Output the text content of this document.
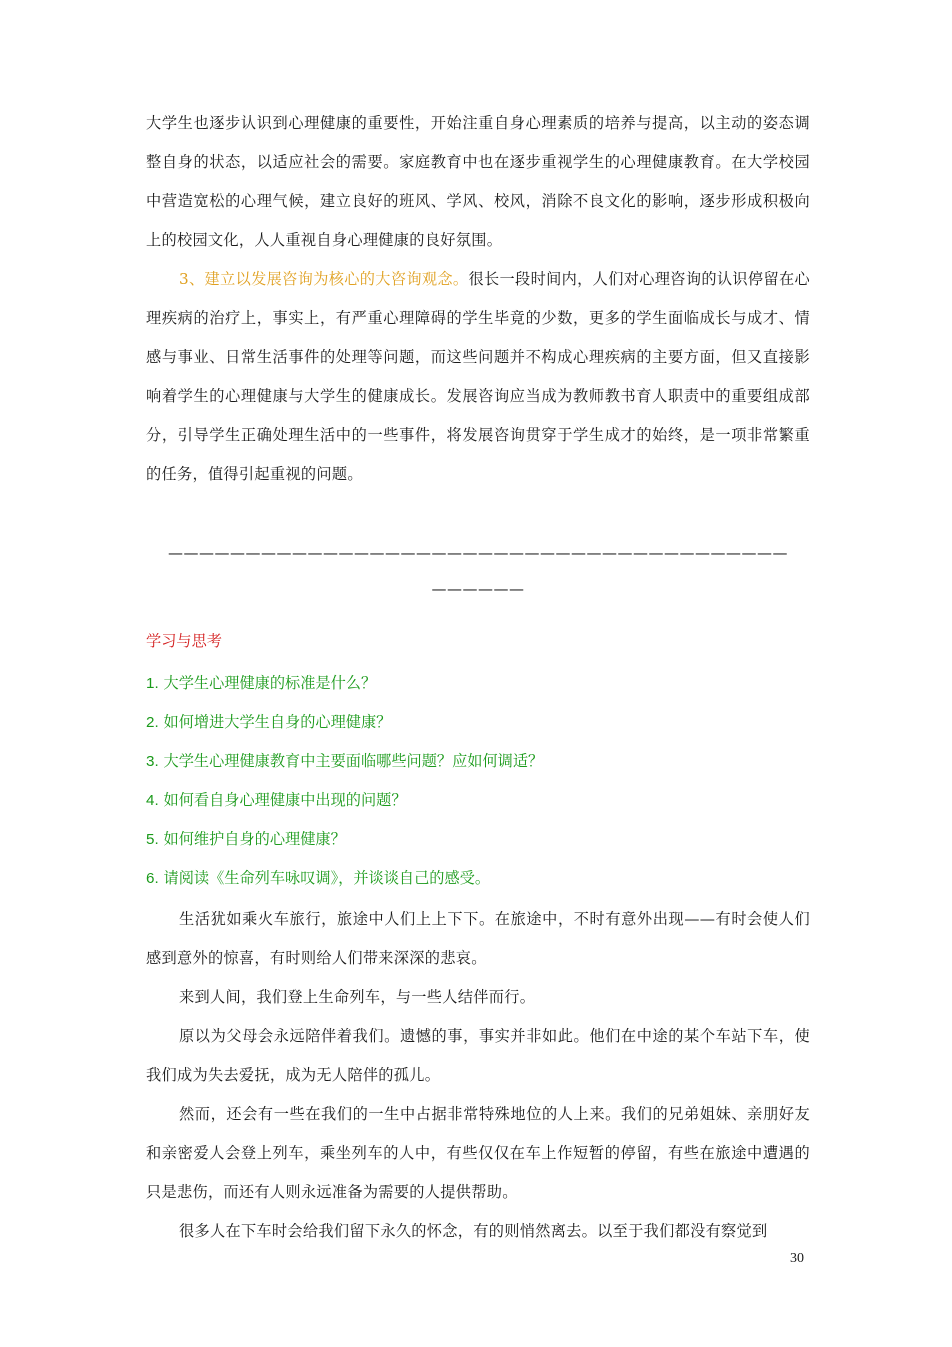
大学生也逐步认识到心理健康的重要性，开始注重自身心理素质的培养与提高，以主动的姿态调整自身的状态，以适应社会的需要。家庭教育中也在逐步重视学生的心理健康教育。在大学校园中营造宽松的心理气候，建立良好的班风、学风、校风，消除不良文化的影响，逐步形成积极向上的校园文化，人人重视自身心理健康的良好氛围。

3、建立以发展咨询为核心的大咨询观念。很长一段时间内，人们对心理咨询的认识停留在心理疾病的治疗上，事实上，有严重心理障碍的学生毕竟的少数，更多的学生面临成长与成才、情感与事业、日常生活事件的处理等问题，而这些问题并不构成心理疾病的主要方面，但又直接影响着学生的心理健康与大学生的健康成长。发展咨询应当成为教师教书育人职责中的重要组成部分，引导学生正确处理生活中的一些事件，将发展咨询贯穿于学生成才的始终，是一项非常繁重的任务，值得引起重视的问题。

————————————————————————————————————————
——————
学习与思考
1. 大学生心理健康的标准是什么？
2. 如何增进大学生自身的心理健康？
3. 大学生心理健康教育中主要面临哪些问题？应如何调适？
4. 如何看自身心理健康中出现的问题？
5. 如何维护自身的心理健康？
6. 请阅读《生命列车咏叹调》，并谈谈自己的感受。

生活犹如乘火车旅行，旅途中人们上上下下。在旅途中，不时有意外出现——有时会使人们感到意外的惊喜，有时则给人们带来深深的悲哀。

来到人间，我们登上生命列车，与一些人结伴而行。

原以为父母会永远陪伴着我们。遗憾的事，事实并非如此。他们在中途的某个车站下车，使我们成为失去爱抚，成为无人陪伴的孤儿。

然而，还会有一些在我们的一生中占据非常特殊地位的人上来。我们的兄弟姐妹、亲朋好友和亲密爱人会登上列车，乘坐列车的人中，有些仅仅在车上作短暂的停留，有些在旅途中遭遇的只是悲伤，而还有人则永远准备为需要的人提供帮助。

很多人在下车时会给我们留下永久的怀念，有的则悄然离去。以至于我们都没有察觉到

30
